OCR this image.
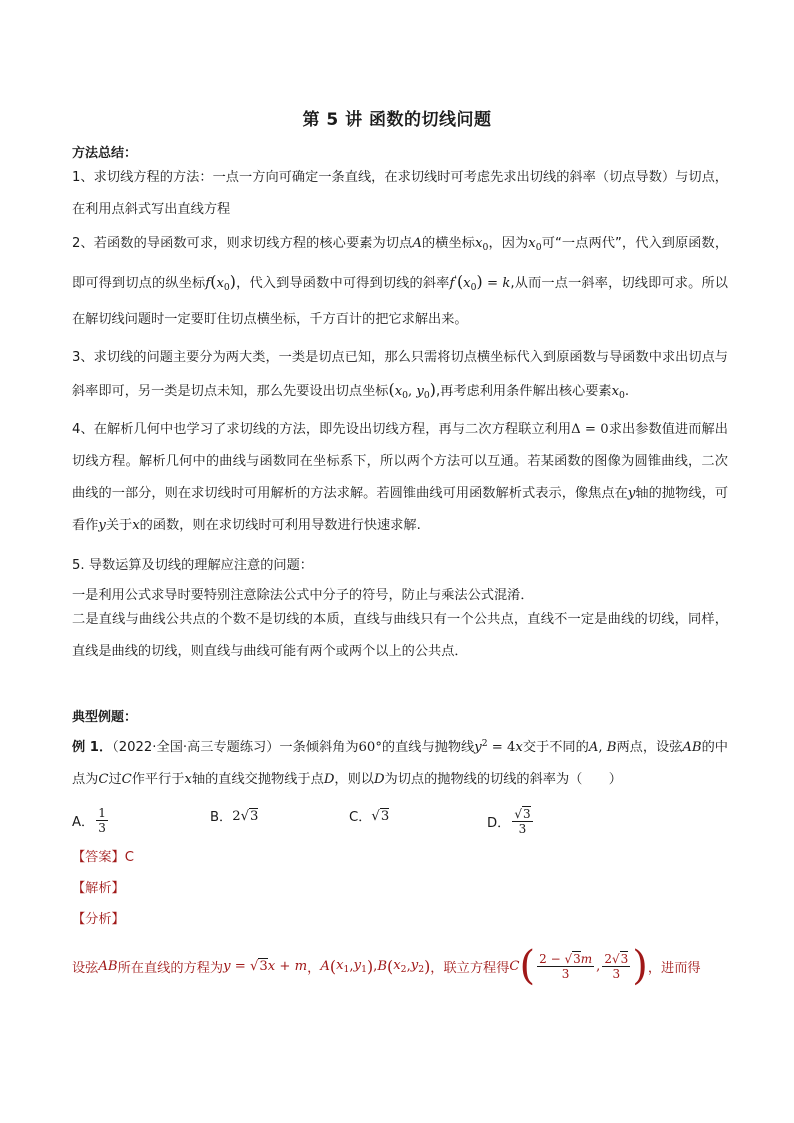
第 5 讲 函数的切线问题
方法总结：
1、求切线方程的方法：一点一方向可确定一条直线，在求切线时可考虑先求出切线的斜率（切点导数）与切点，在利用点斜式写出直线方程
2、若函数的导函数可求，则求切线方程的核心要素为切点A的横坐标$x_0$，因为$x_0$可“一点两代”，代入到原函数，即可得到切点的纵坐标$f(x_0)$，代入到导函数中可得到切线的斜率$f'(x_0) = k$,从而一点一斜率，切线即可求。所以在解切线问题时一定要盯住切点横坐标，千方百计的把它求解出来。
3、求切线的问题主要分为两大类，一类是切点已知，那么只需将切点横坐标代入到原函数与导函数中求出切点与斜率即可，另一类是切点未知，那么先要设出切点坐标($x_0$, $y_0$),再考虑利用条件解出核心要素$x_0$.
4、在解析几何中也学习了求切线的方法，即先设出切线方程，再与二次方程联立利用Δ = 0求出参数值进而解出切线方程。解析几何中的曲线与函数同在坐标系下，所以两个方法可以互通。若某函数的图像为圆锥曲线，二次曲线的一部分，则在求切线时可用解析的方法求解。若圆锥曲线可用函数解析式表示，像焦点在y轴的抛物线，可看作y关于x的函数，则在求切线时可利用导数进行快速求解.
5. 导数运算及切线的理解应注意的问题：
一是利用公式求导时要特别注意除法公式中分子的符号，防止与乘法公式混淆．
二是直线与曲线公共点的个数不是切线的本质，直线与曲线只有一个公共点，直线不一定是曲线的切线，同样，直线是曲线的切线，则直线与曲线可能有两个或两个以上的公共点．
典型例题：
例 1．（2022·全国·高三专题练习）一条倾斜角为60°的直线与抛物线$y^2 = 4x$交于不同的A, B两点，设弦AB的中点为C过C作平行于x轴的直线交抛物线于点D，则以D为切点的抛物线的切线的斜率为（　　）
A． $\frac{1}{3}$	B． 2√3	C． √3	D． $\frac{√3}{3}$
【答案】C
【解析】
【分析】
设弦 AB 所在直线的方程为 y = √3 x + m ， A ( $x_1$ , $y_1$ ) , B ( $x_2$ , $y_2$ ) ，联立方程得 C ( $\frac{2 - √3m}{3}$ , $\frac{2√3}{3}$ ) ，进而得
